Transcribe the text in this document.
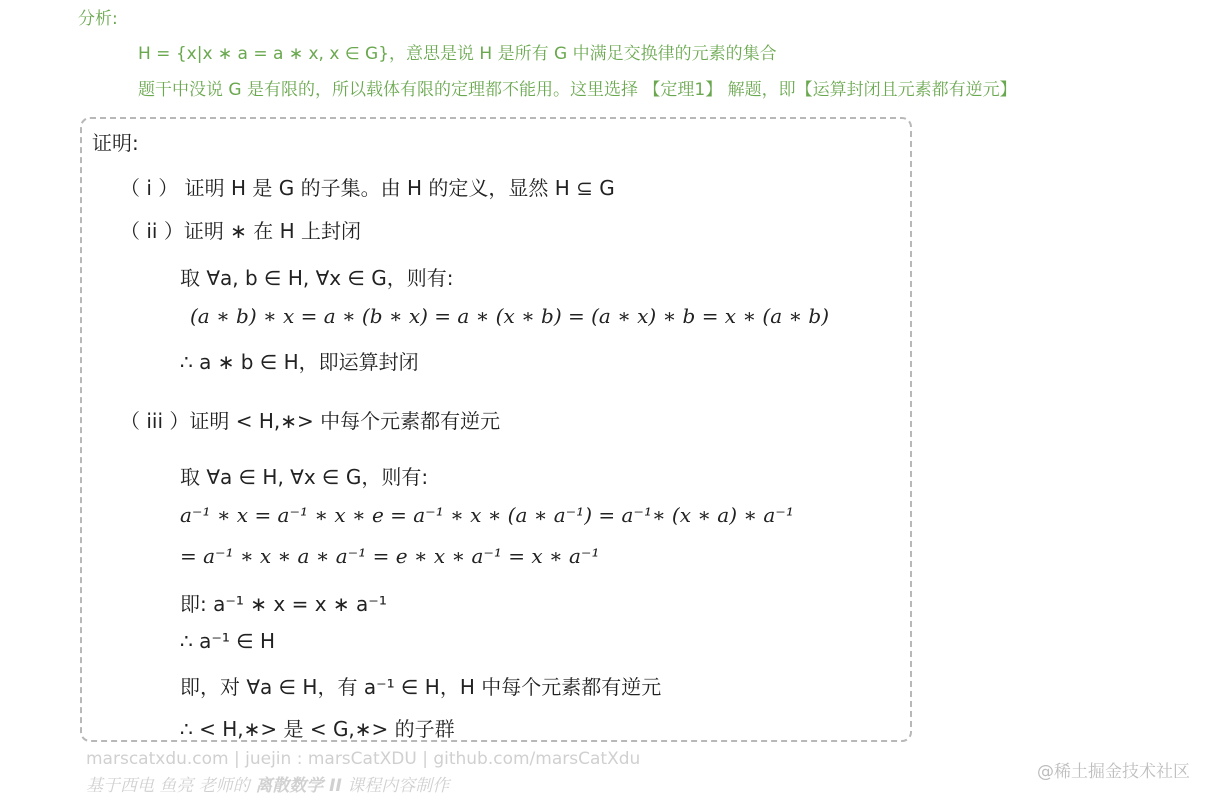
分析:
H = {x|x ∗ a = a ∗ x, x ∈ G}，意思是说 H 是所有 G 中满足交换律的元素的集合
题干中没说 G 是有限的，所以载体有限的定理都不能用。这里选择 【定理1】 解题，即【运算封闭且元素都有逆元】
证明:
（ i ） 证明 H 是 G 的子集。由 H 的定义，显然 H ⊆ G
（ ii ）证明 ∗ 在 H 上封闭
取 ∀a, b ∈ H, ∀x ∈ G，则有:
(a ∗ b) ∗ x = a ∗ (b ∗ x) = a ∗ (x ∗ b) = (a ∗ x) ∗ b = x ∗ (a ∗ b)
∴ a ∗ b ∈ H，即运算封闭
（ iii ）证明 < H,∗> 中每个元素都有逆元
取 ∀a ∈ H, ∀x ∈ G，则有:
a⁻¹ ∗ x = a⁻¹ ∗ x ∗ e = a⁻¹ ∗ x ∗ (a ∗ a⁻¹) = a⁻¹∗ (x ∗ a) ∗ a⁻¹
= a⁻¹ ∗ x ∗ a ∗ a⁻¹ = e ∗ x ∗ a⁻¹ = x ∗ a⁻¹
即: a⁻¹ ∗ x = x ∗ a⁻¹
∴ a⁻¹ ∈ H
即，对 ∀a ∈ H，有 a⁻¹ ∈ H，H 中每个元素都有逆元
∴ < H,∗> 是 < G,∗> 的子群
marscatxdu.com | juejin : marsCatXDU | github.com/marsCatXdu
基于西电 鱼亮 老师的 离散数学 II 课程内容制作
@稀土掘金技术社区
